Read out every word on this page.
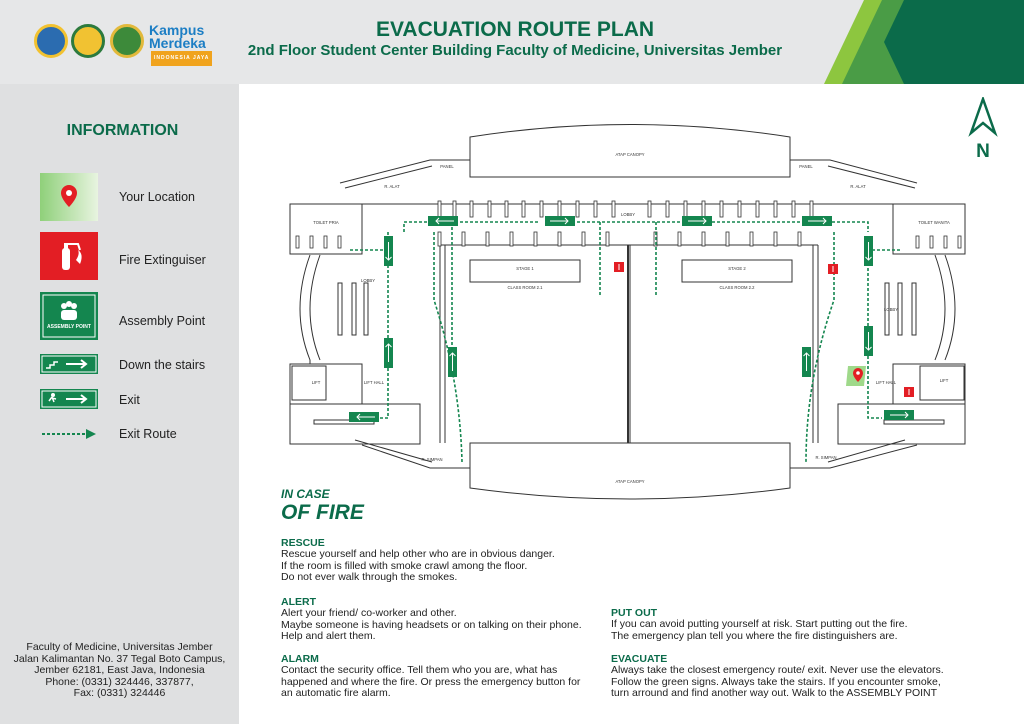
Kampus Merdeka
INDONESIA JAYA
EVACUATION ROUTE PLAN
2nd Floor Student Center Building Faculty of Medicine, Universitas Jember
INFORMATION
Your Location
Fire Extinguiser
ASSEMBLY POINT Assembly Point
Down the stairs
Exit
Exit Route
Faculty of Medicine, Universitas Jember
Jalan Kalimantan No. 37 Tegal Boto Campus,
Jember 62181, East Java, Indonesia
Phone: (0331) 324446, 337877,
Fax: (0331) 324446
N
ATAP CANOPY
ATAP CANOPY
PANEL	PANEL
R. ALAT	R. ALAT
TOILET PRIA	TOILET WANITA
LOBBY
LOBBY
LOBBY
STAGE 1	STAGE 2
CLASS ROOM 2.1	CLASS ROOM 2.2
LIFT	LIFT HALL	LIFT
LIFT HALL
R. SIMPAN	R. SIMPAN
IN CASE
OF FIRE
RESCUE

Rescue yourself and help other who are in obvious danger.

If the room is filled with smoke crawl among the floor.

Do not ever walk through the smokes.

ALERT

Alert your friend/ co-worker and other.

Maybe someone is having headsets or on talking on their phone.

Help and alert them.

ALARM

Contact the security office. Tell them who you are, what has

happened and where the fire. Or press the emergency button for

an automatic fire alarm.

PUT OUT

If you can avoid putting yourself at risk. Start putting out the fire.

The emergency plan tell you where the fire distinguishers are.

EVACUATE

Always take the closest emergency route/ exit. Never use the elevators.

Follow the green signs. Always take the stairs. If you encounter smoke,

turn arround and find another way out. Walk to the ASSEMBLY POINT
